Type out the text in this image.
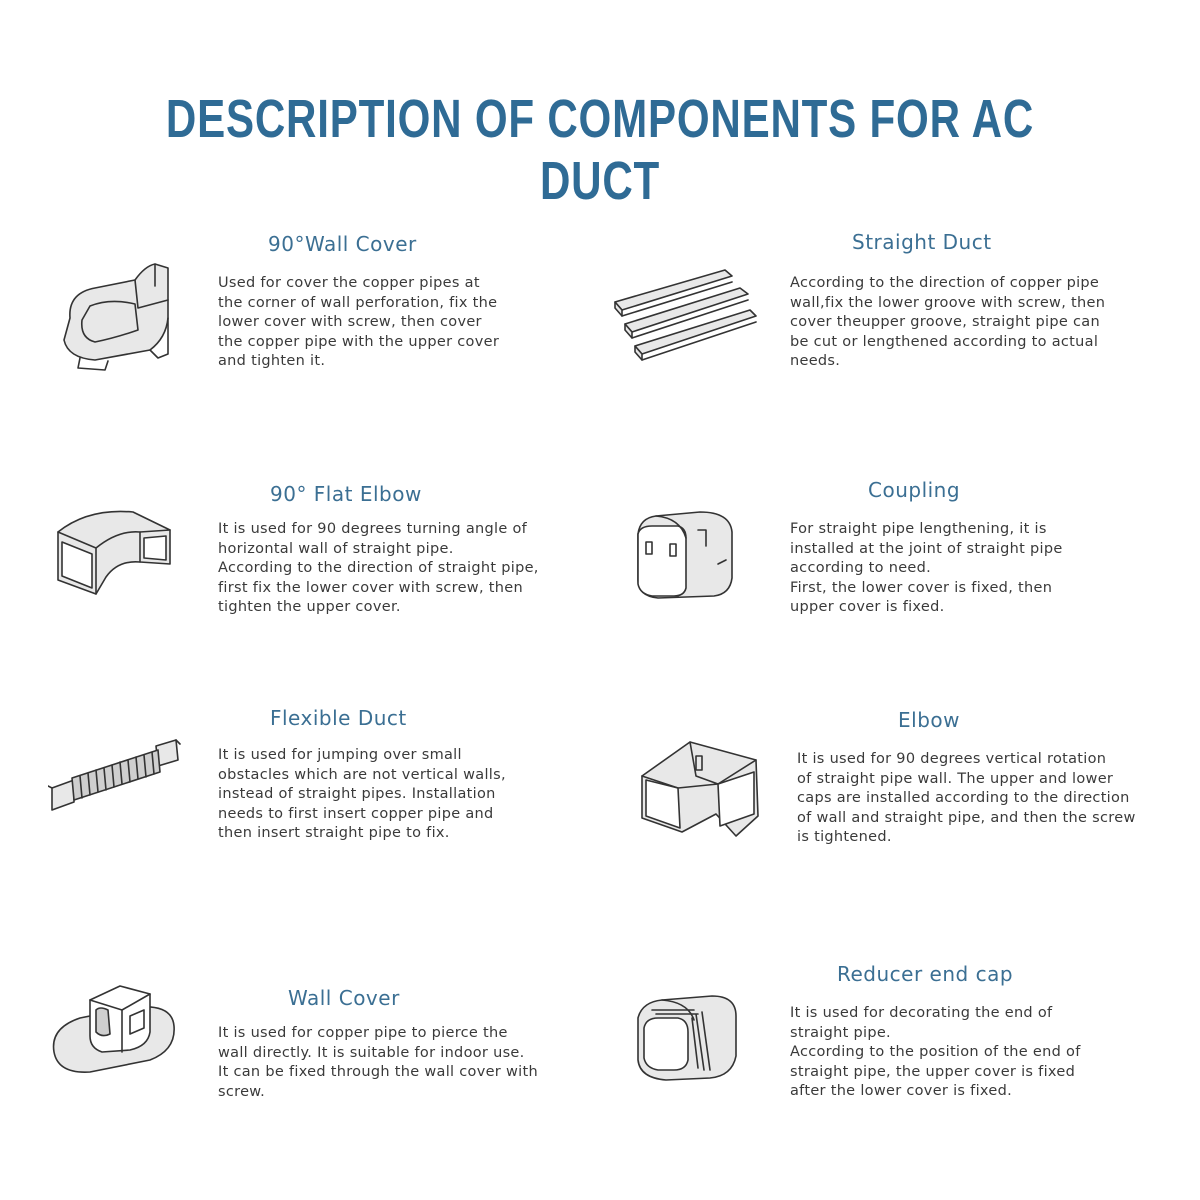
DESCRIPTION OF COMPONENTS FOR AC DUCT
90°Wall Cover
Used for cover the copper pipes at
the corner of wall perforation, fix the
lower cover with screw, then cover
the copper pipe with the upper cover
and tighten it.
Straight Duct
According to the direction of copper pipe
wall,fix the lower groove with screw, then
cover theupper groove, straight pipe can
be cut or lengthened according to actual
needs.
90° Flat Elbow
It is used for 90 degrees turning angle of
horizontal wall of straight pipe.
According to the direction of straight pipe,
first fix the lower cover with screw, then
tighten the upper cover.
Coupling
For straight pipe lengthening, it is
installed at the joint of straight pipe
according to need.
First, the lower cover is fixed, then
upper cover is fixed.
Flexible Duct
It is used for jumping over small
obstacles which are not vertical walls,
instead of straight pipes. Installation
needs to first insert copper pipe and
then insert straight pipe to fix.
Elbow
It is used for 90 degrees vertical rotation
of straight pipe wall. The upper and lower
caps are installed according to the direction
of wall and straight pipe, and then the screw
is tightened.
Wall Cover
It is used for copper pipe to pierce the
wall directly. It is suitable for indoor use.
It can be fixed through the wall cover with
screw.
Reducer end cap
It is used for decorating the end of
straight pipe.
According to the position of the end of
straight pipe, the upper cover is fixed
after the lower cover is fixed.
